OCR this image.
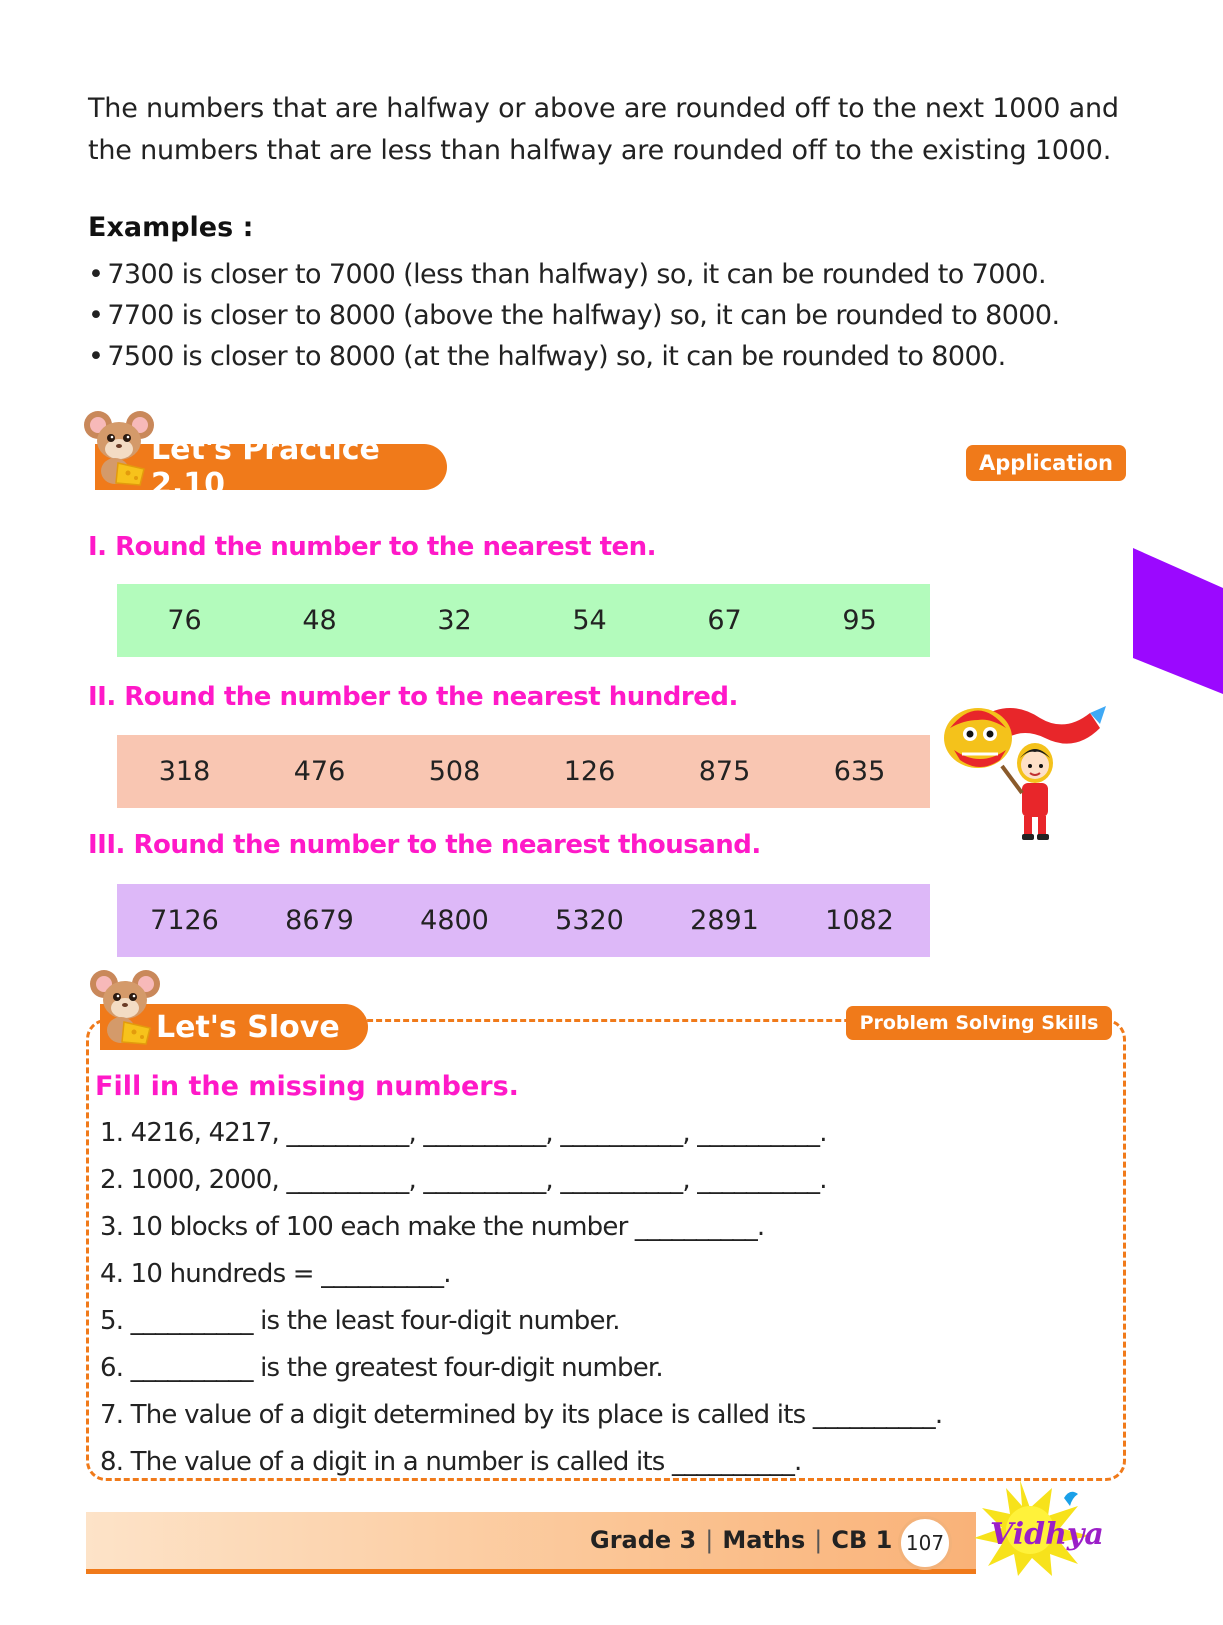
The numbers that are halfway or above are rounded off to the next 1000 and the numbers that are less than halfway are rounded off to the existing 1000.

Examples :
• 7300 is closer to 7000 (less than halfway) so, it can be rounded to 7000.
• 7700 is closer to 8000 (above the halfway) so, it can be rounded to 8000.
• 7500 is closer to 8000 (at the halfway) so, it can be rounded to 8000.
Let's Practice 2.10
Application
I. Round the number to the nearest ten.
76	48	32	54	67	95
II. Round the number to the nearest hundred.
318	476	508	126	875	635
III. Round the number to the nearest thousand.
7126	8679	4800	5320	2891	1082
Let's Slove	Problem Solving Skills
Fill in the missing numbers.
1. 4216, 4217, __________, __________, __________, __________.
2. 1000, 2000, __________, __________, __________, __________.
3. 10 blocks of 100 each make the number __________.
4. 10 hundreds = __________.
5. __________ is the least four-digit number.
6. __________ is the greatest four-digit number.
7. The value of a digit determined by its place is called its __________.
8. The value of a digit in a number is called its __________.
Grade 3 | Maths | CB 1 107 Vidhya
